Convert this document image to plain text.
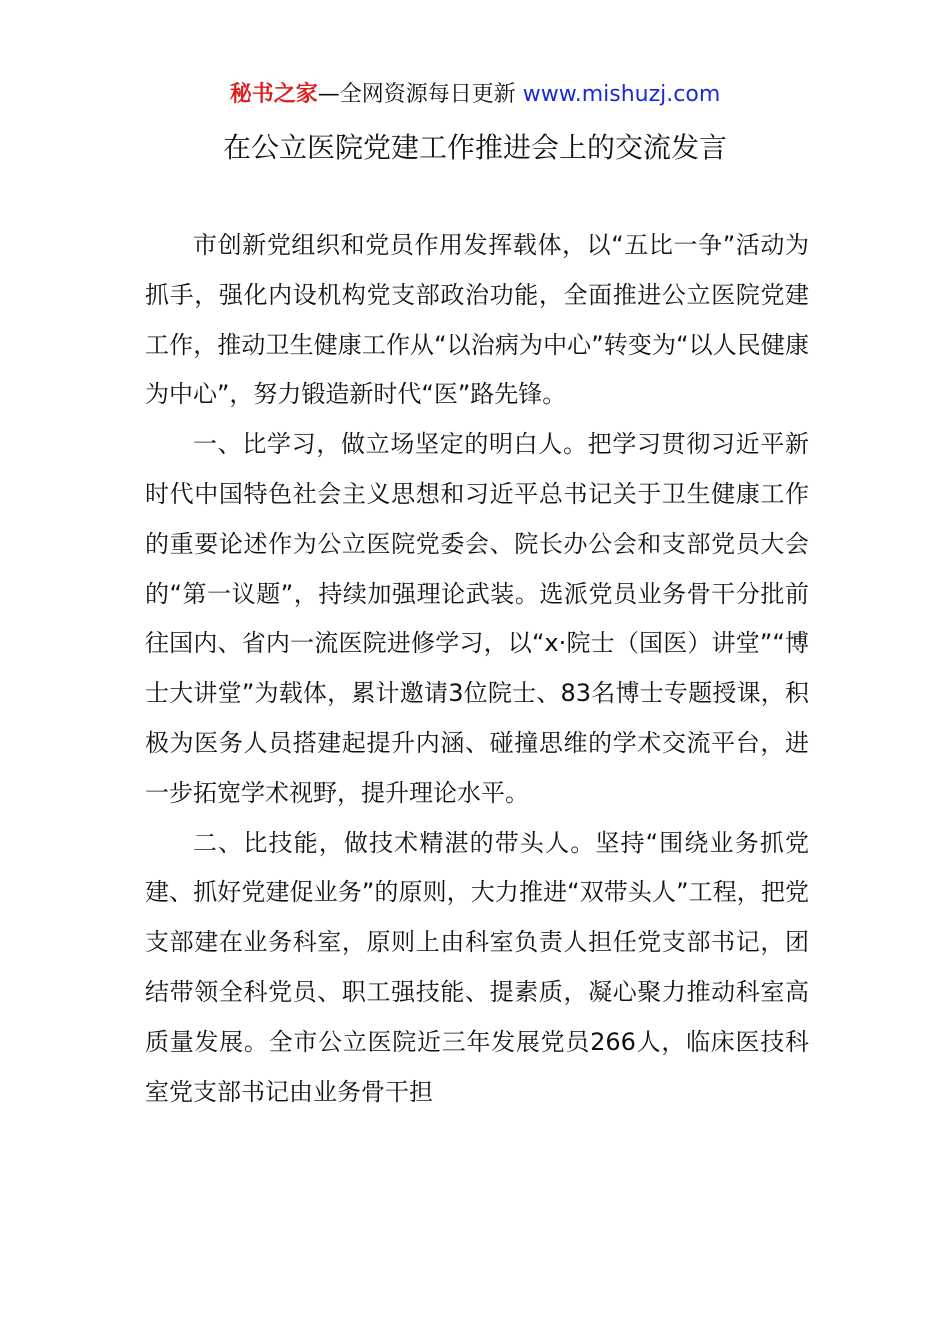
秘书之家—全网资源每日更新 www.mishuzj.com
在公立医院党建工作推进会上的交流发言

市创新党组织和党员作用发挥载体，以“五比一争”活动为抓手，强化内设机构党支部政治功能，全面推进公立医院党建工作，推动卫生健康工作从“以治病为中心”转变为“以人民健康为中心”，努力锻造新时代“医”路先锋。

一、比学习，做立场坚定的明白人。把学习贯彻习近平新时代中国特色社会主义思想和习近平总书记关于卫生健康工作的重要论述作为公立医院党委会、院长办公会和支部党员大会的“第一议题”，持续加强理论武装。选派党员业务骨干分批前往国内、省内一流医院进修学习，以“x·院士（国医）讲堂”“博士大讲堂”为载体，累计邀请3位院士、83名博士专题授课，积极为医务人员搭建起提升内涵、碰撞思维的学术交流平台，进一步拓宽学术视野，提升理论水平。

二、比技能，做技术精湛的带头人。坚持“围绕业务抓党建、抓好党建促业务”的原则，大力推进“双带头人”工程，把党支部建在业务科室，原则上由科室负责人担任党支部书记，团结带领全科党员、职工强技能、提素质，凝心聚力推动科室高质量发展。全市公立医院近三年发展党员266人，临床医技科室党支部书记由业务骨干担
